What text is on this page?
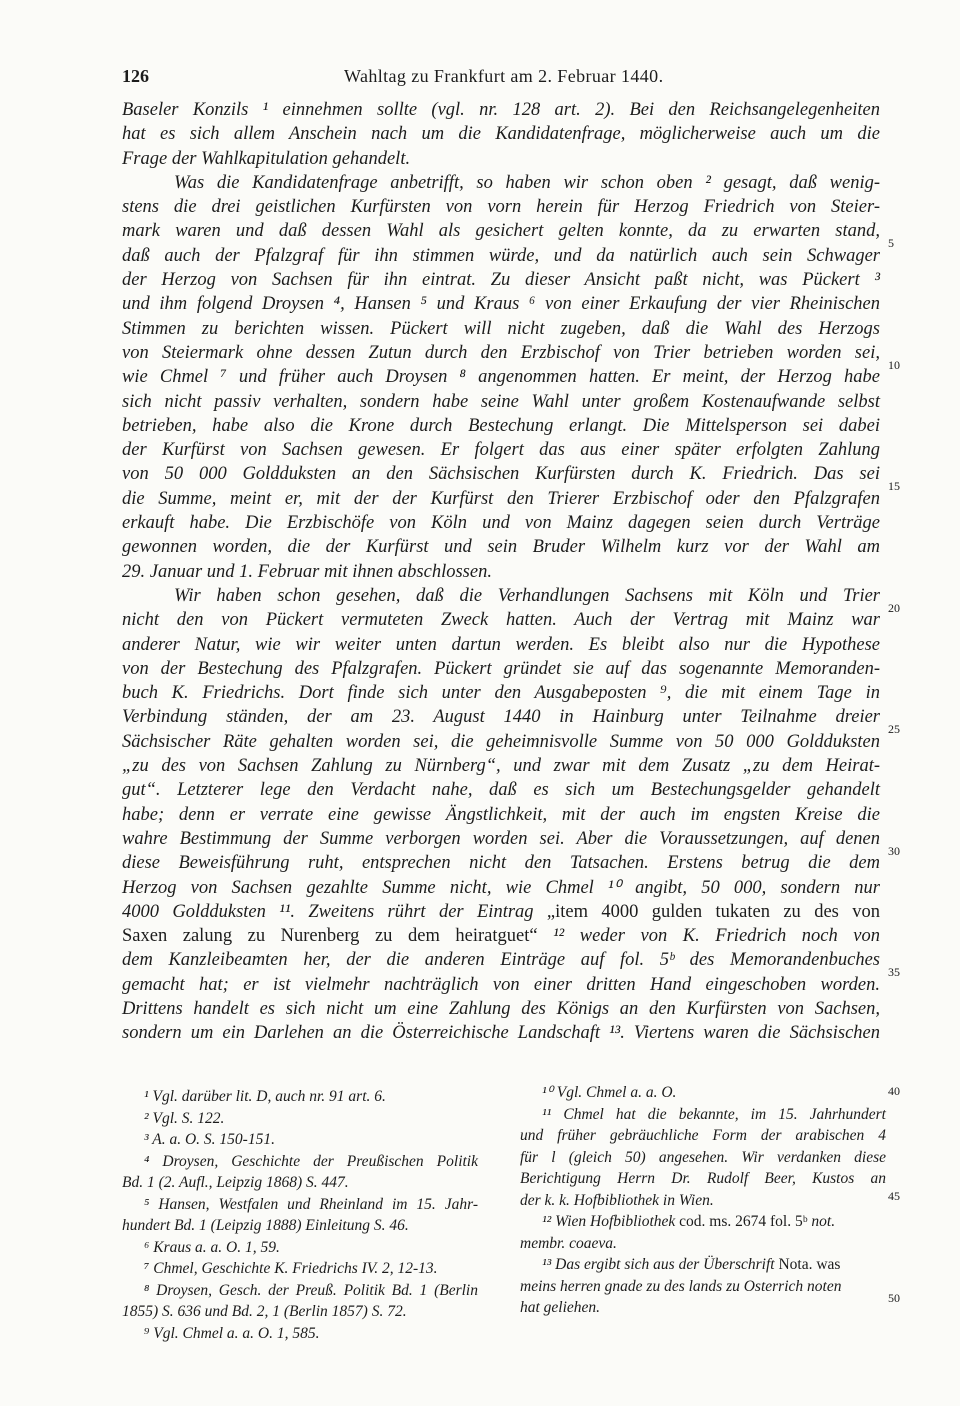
126	Wahltag zu Frankfurt am 2. Februar 1440.
Baseler Konzils ¹ einnehmen sollte (vgl. nr. 128 art. 2). Bei den Reichsangelegenheiten
hat es sich allem Anschein nach um die Kandidatenfrage, möglicherweise auch um die
Frage der Wahlkapitulation gehandelt.
Was die Kandidatenfrage anbetrifft, so haben wir schon oben ² gesagt, daß wenig-
stens die drei geistlichen Kurfürsten von vorn herein für Herzog Friedrich von Steier-
mark waren und daß dessen Wahl als gesichert gelten konnte, da zu erwarten stand,
daß auch der Pfalzgraf für ihn stimmen würde, und da natürlich auch sein Schwager
der Herzog von Sachsen für ihn eintrat. Zu dieser Ansicht paßt nicht, was Pückert ³
und ihm folgend Droysen ⁴, Hansen ⁵ und Kraus ⁶ von einer Erkaufung der vier Rheinischen
Stimmen zu berichten wissen. Pückert will nicht zugeben, daß die Wahl des Herzogs
von Steiermark ohne dessen Zutun durch den Erzbischof von Trier betrieben worden sei,
wie Chmel ⁷ und früher auch Droysen ⁸ angenommen hatten. Er meint, der Herzog habe
sich nicht passiv verhalten, sondern habe seine Wahl unter großem Kostenaufwande selbst
betrieben, habe also die Krone durch Bestechung erlangt. Die Mittelsperson sei dabei
der Kurfürst von Sachsen gewesen. Er folgert das aus einer später erfolgten Zahlung
von 50 000 Goldduksten an den Sächsischen Kurfürsten durch K. Friedrich. Das sei
die Summe, meint er, mit der der Kurfürst den Trierer Erzbischof oder den Pfalzgrafen
erkauft habe. Die Erzbischöfe von Köln und von Mainz dagegen seien durch Verträge
gewonnen worden, die der Kurfürst und sein Bruder Wilhelm kurz vor der Wahl am
29. Januar und 1. Februar mit ihnen abschlossen.
Wir haben schon gesehen, daß die Verhandlungen Sachsens mit Köln und Trier
nicht den von Pückert vermuteten Zweck hatten. Auch der Vertrag mit Mainz war
anderer Natur, wie wir weiter unten dartun werden. Es bleibt also nur die Hypothese
von der Bestechung des Pfalzgrafen. Pückert gründet sie auf das sogenannte Memoranden-
buch K. Friedrichs. Dort finde sich unter den Ausgabeposten ⁹, die mit einem Tage in
Verbindung ständen, der am 23. August 1440 in Hainburg unter Teilnahme dreier
Sächsischer Räte gehalten worden sei, die geheimnisvolle Summe von 50 000 Goldduksten
„zu des von Sachsen Zahlung zu Nürnberg“, und zwar mit dem Zusatz „zu dem Heirat-
gut“. Letzterer lege den Verdacht nahe, daß es sich um Bestechungsgelder gehandelt
habe; denn er verrate eine gewisse Ängstlichkeit, mit der auch im engsten Kreise die
wahre Bestimmung der Summe verborgen worden sei. Aber die Voraussetzungen, auf denen
diese Beweisführung ruht, entsprechen nicht den Tatsachen. Erstens betrug die dem
Herzog von Sachsen gezahlte Summe nicht, wie Chmel ¹⁰ angibt, 50 000, sondern nur
4000 Goldduksten ¹¹. Zweitens rührt der Eintrag „item 4000 gulden tukaten zu des von
Saxen zalung zu Nurenberg zu dem heiratguet“ ¹² weder von K. Friedrich noch von
dem Kanzleibeamten her, der die anderen Einträge auf fol. 5ᵇ des Memorandenbuches
gemacht hat; er ist vielmehr nachträglich von einer dritten Hand eingeschoben worden.
Drittens handelt es sich nicht um eine Zahlung des Königs an den Kurfürsten von Sachsen,
sondern um ein Darlehen an die Österreichische Landschaft ¹³. Viertens waren die Sächsischen
5
10
15
20
25
30
35
40
45
50
¹ Vgl. darüber lit. D, auch nr. 91 art. 6.
² Vgl. S. 122.
³ A. a. O. S. 150-151.
⁴ Droysen, Geschichte der Preußischen Politik
Bd. 1 (2. Aufl., Leipzig 1868) S. 447.
⁵ Hansen, Westfalen und Rheinland im 15. Jahr-
hundert Bd. 1 (Leipzig 1888) Einleitung S. 46.
⁶ Kraus a. a. O. 1, 59.
⁷ Chmel, Geschichte K. Friedrichs IV. 2, 12-13.
⁸ Droysen, Gesch. der Preuß. Politik Bd. 1 (Berlin
1855) S. 636 und Bd. 2, 1 (Berlin 1857) S. 72.
⁹ Vgl. Chmel a. a. O. 1, 585.
¹⁰ Vgl. Chmel a. a. O.
¹¹ Chmel hat die bekannte, im 15. Jahrhundert
und früher gebräuchliche Form der arabischen 4
für l (gleich 50) angesehen. Wir verdanken diese
Berichtigung Herrn Dr. Rudolf Beer, Kustos an
der k. k. Hofbibliothek in Wien.
¹² Wien Hofbibliothek cod. ms. 2674 fol. 5ᵇ not.
membr. coaeva.
¹³ Das ergibt sich aus der Überschrift Nota. was
meins herren gnade zu des lands zu Osterrich noten
hat geliehen.
